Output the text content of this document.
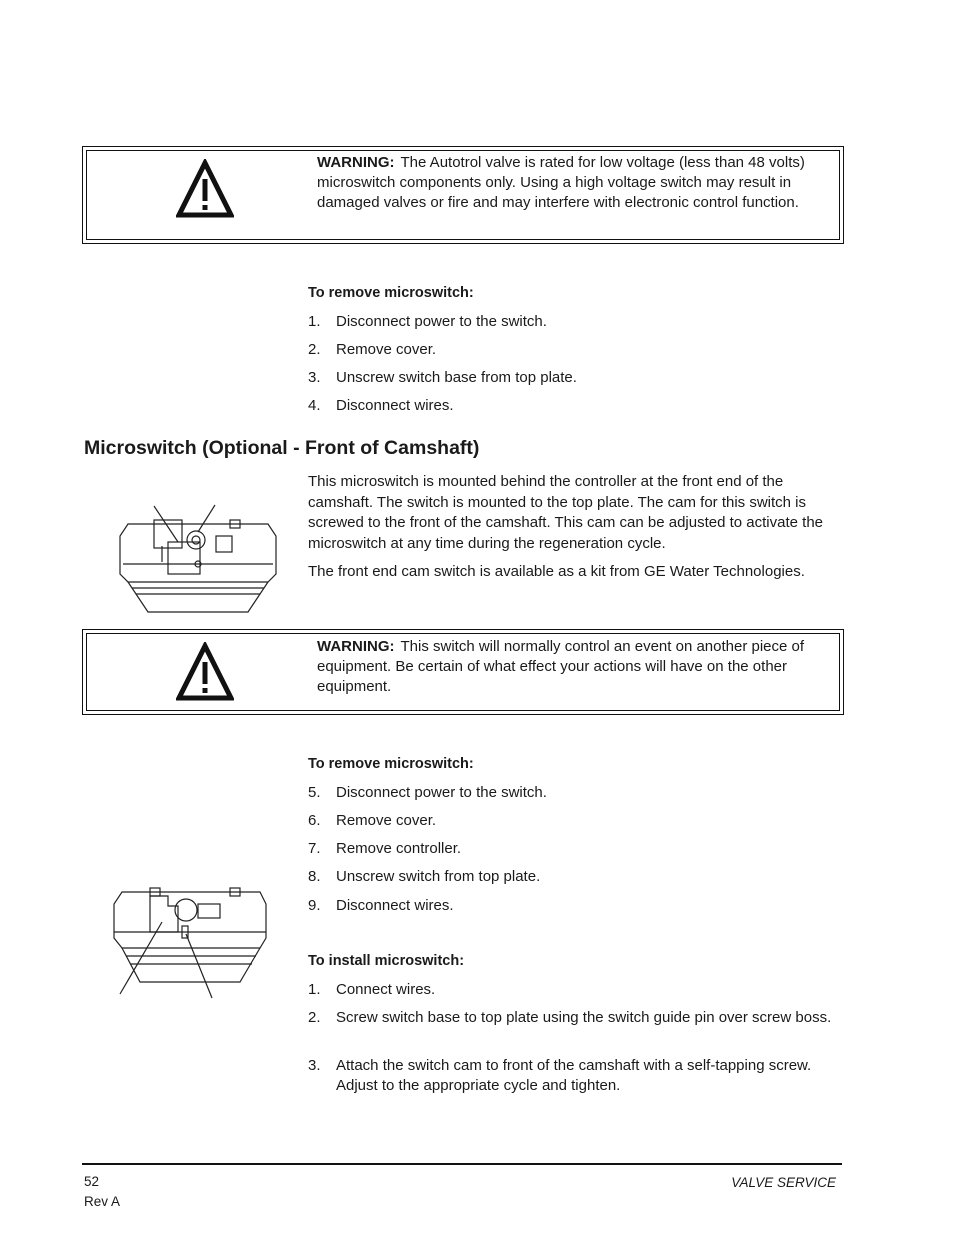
WARNING: The Autotrol valve is rated for low voltage (less than 48 volts) microswitch components only. Using a high voltage switch may result in damaged valves or fire and may interfere with electronic control function.
To remove microswitch:
1.	Disconnect power to the switch.
2.	Remove cover.
3.	Unscrew switch base from top plate.
4.	Disconnect wires.
Microswitch (Optional - Front of Camshaft)
This microswitch is mounted behind the controller at the front end of the camshaft. The switch is mounted to the top plate. The cam for this switch is screwed to the front of the camshaft. This cam can be adjusted to activate the microswitch at any time during the regeneration cycle.
The front end cam switch is available as a kit from GE Water Technologies.
WARNING: This switch will normally control an event on another piece of equipment. Be certain of what effect your actions will have on the other equipment.
To remove microswitch:
5.	Disconnect power to the switch.
6.	Remove cover.
7.	Remove controller.
8.	Unscrew switch from top plate.
9.	Disconnect wires.
To install microswitch:
1.	Connect wires.
2.	Screw switch base to top plate using the switch guide pin over screw boss.
3.	Attach the switch cam to front of the camshaft with a self-tapping screw. Adjust to the appropriate cycle and tighten.
52
Rev A
VALVE SERVICE
